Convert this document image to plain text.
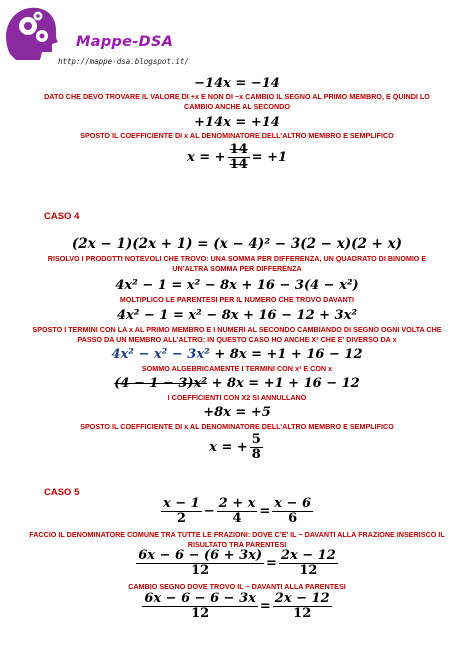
Mappe-DSA
http://mappe-dsa.blogspot.it/
−14x = −14
DATO CHE DEVO TROVARE IL VALORE DI +x E NON DI −x CAMBIO IL SEGNO AL PRIMO MEMBRO, E QUINDI LO
CAMBIO ANCHE AL SECONDO
+14x = +14
SPOSTO IL COEFFICIENTE DI x AL DENOMINATORE DELL’ALTRO MEMBRO E SEMPLIFICO
x = + $\frac{14}{14} = +1$
CASO 4
(2x − 1)(2x + 1) = (x − 4)² − 3(2 − x)(2 + x)
RISOLVO I PRODOTTI NOTEVOLI CHE TROVO: UNA SOMMA PER DIFFERENZA, UN QUADRATO DI BINOMIO E
UN’ALTRA SOMMA PER DIFFERENZA
4x² − 1 = x² − 8x + 16 − 3(4 − x²)
MOLTIPLICO LE PARENTESI PER IL NUMERO CHE TROVO DAVANTI
4x² − 1 = x² − 8x + 16 − 12 + 3x²
SPOSTO I TERMINI CON LA x AL PRIMO MEMBRO E I NUMERI AL SECONDO CAMBIANDO DI SEGNO OGNI VOLTA CHE
PASSO DA UN MEMBRO ALL’ALTRO: IN QUESTO CASO HO ANCHE X² CHE E’ DIVERSO DA x
4x² − x² − 3x² + 8x = +1 + 16 − 12
SOMMO ALGEBRICAMENTE I TERMINI CON x² E CON x
(4 − 1 − 3)x² + 8x = +1 + 16 − 12
I COEFFICIENTI CON X2 SI ANNULLANO
+8x = +5
SPOSTO IL COEFFICIENTE DI x AL DENOMINATORE DELL’ALTRO MEMBRO E SEMPLIFICO
x = + $\frac{5}{8}$
CASO 5
$\frac{x - 1}{2} - \frac{2 + x}{4} = \frac{x - 6}{6}$
FACCIO IL DENOMINATORE COMUNE TRA TUTTE LE FRAZIONI: DOVE C’E’ IL − DAVANTI ALLA FRAZIONE INSERISCO IL
RISULTATO TRA PARENTESI
$\frac{6x - 6 - (6 + 3x)}{12} = \frac{2x - 12}{12}$
CAMBIO SEGNO DOVE TROVO IL − DAVANTI ALLA PARENTESI
$\frac{6x - 6 - 6 - 3x}{12} = \frac{2x - 12}{12}$
